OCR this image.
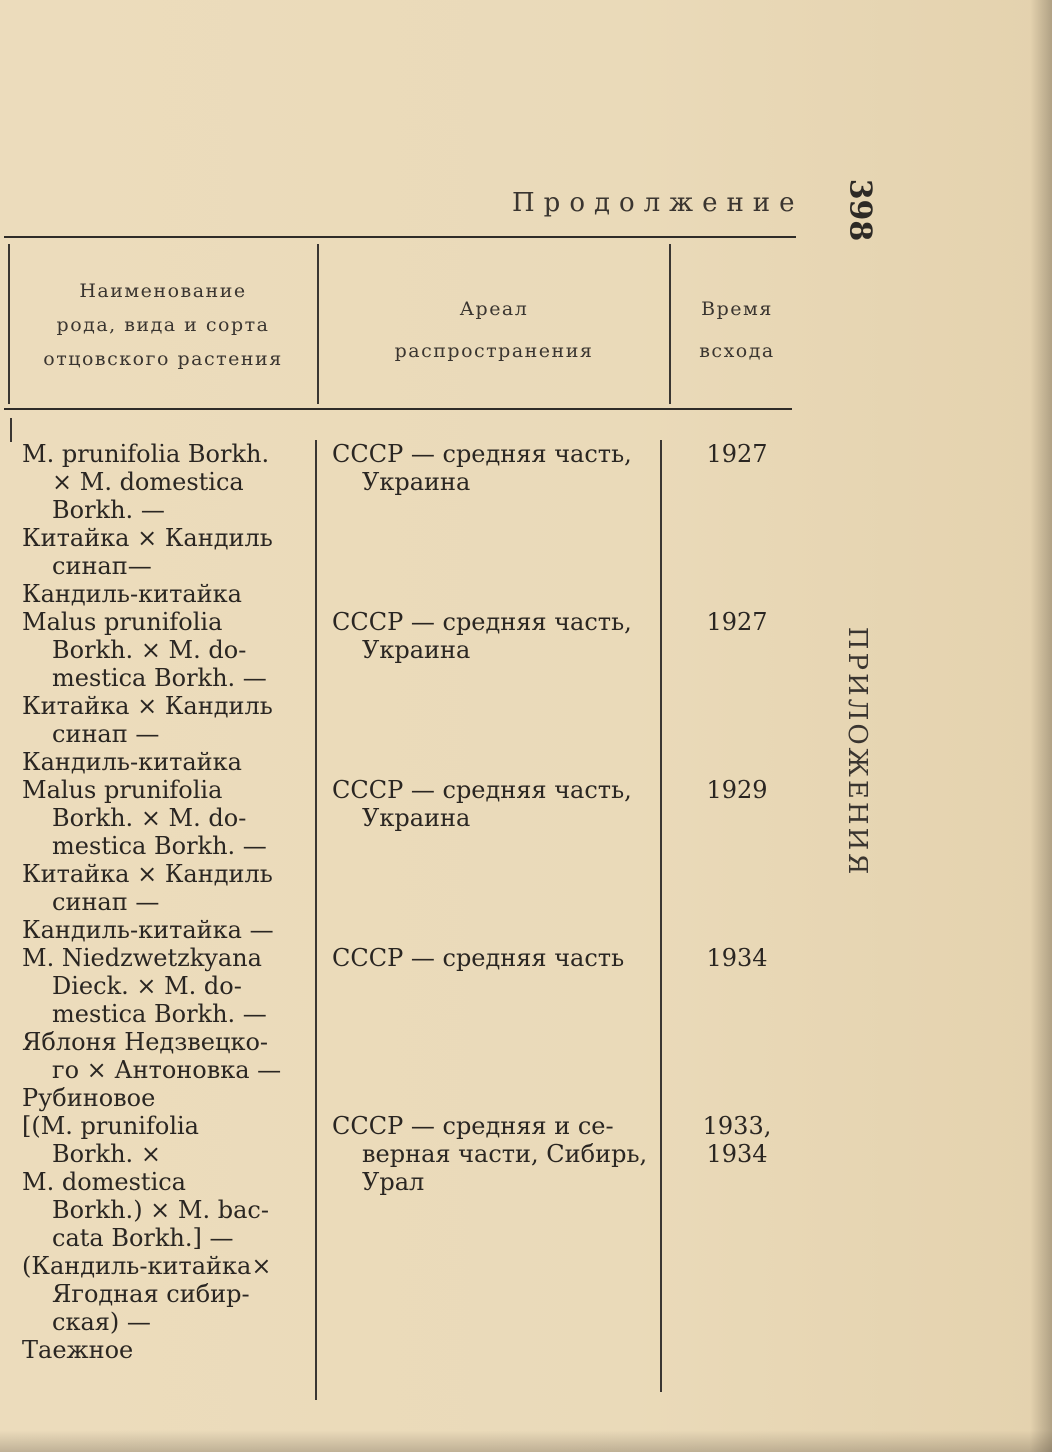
Продолжение 398
ПРИЛОЖЕНИЯ
Наименование
рода, вида и сорта
отцовского растения
Ареал
распространения
Время
всхода
M. prunifolia Borkh.
× M. domestica
Borkh. —
Китайка × Кандиль
синап—
Кандиль-китайка
СССР — средняя часть,
Украина
1927
Malus prunifolia
Borkh. × M. do-
mestica Borkh. —
Китайка × Кандиль
синап —
Кандиль-китайка
СССР — средняя часть,
Украина
1927
Malus prunifolia
Borkh. × M. do-
mestica Borkh. —
Китайка × Кандиль
синап —
Кандиль-китайка —
СССР — средняя часть,
Украина
1929
M. Niedzwetzkyana
Dieck. × M. do-
mestica Borkh. —
Яблоня Недзвецко-
го × Антоновка —
Рубиновое
СССР — средняя часть	1934
[(M. prunifolia
Borkh. ×
M. domestica
Borkh.) × M. bac-
cata Borkh.] —
(Кандиль-китайка×
Ягодная сибир-
ская) —
Таежное
СССР — средняя и се-
верная части, Сибирь,
Урал
1933, 1934
